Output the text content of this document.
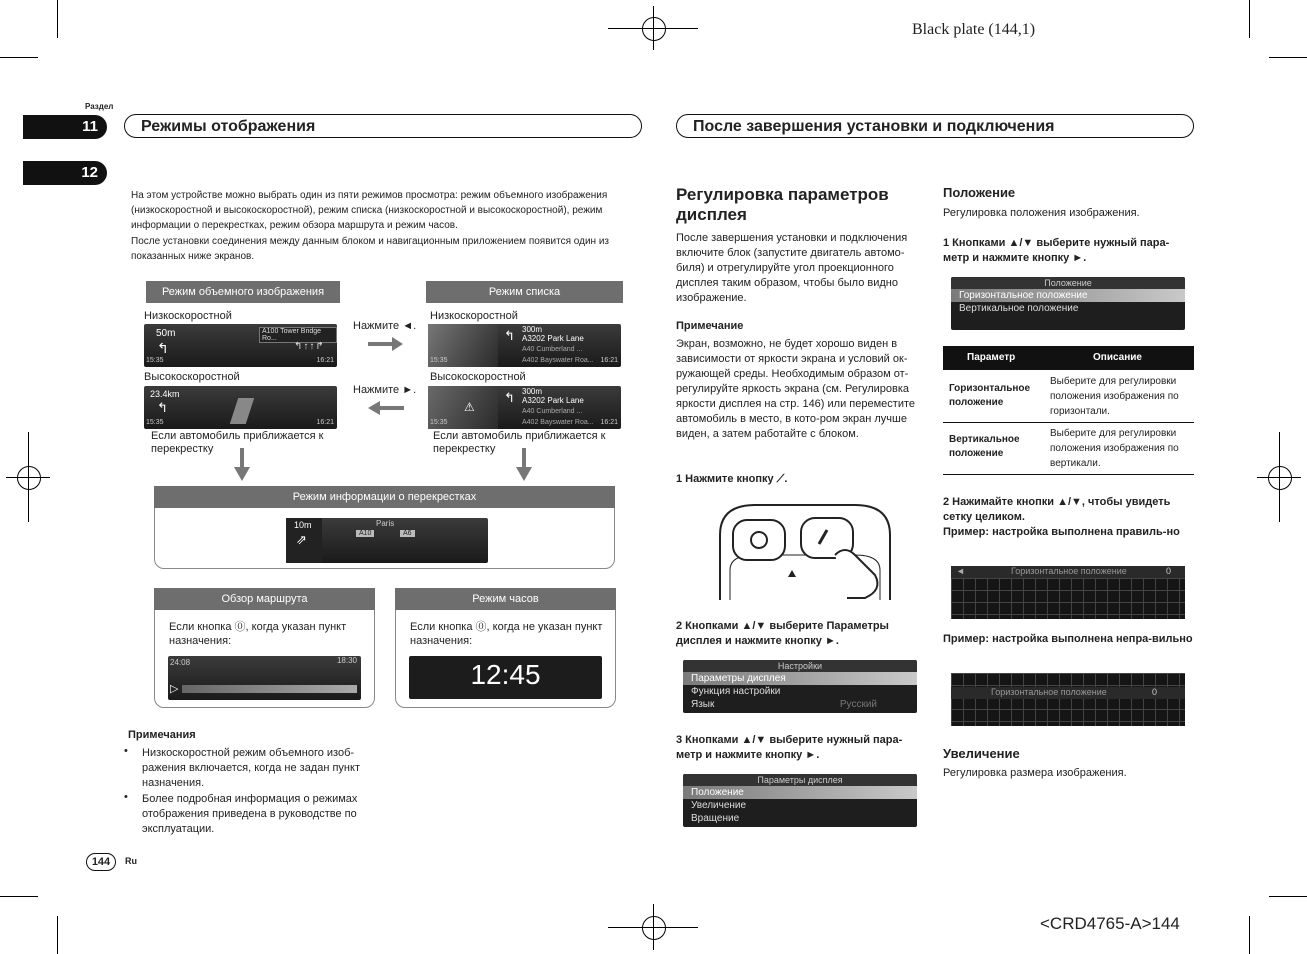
Black plate (144,1)
<CRD4765-A>144
Раздел
11
12
Режимы отображения	После завершения установки и подключения
На этом устройстве можно выбрать один из пяти режимов просмотра: режим объемного изображения (низкоскоростной и высокоскоростной), режим списка (низкоскоростной и высокоскоростной), режим информации о перекрестках, режим обзора маршрута и режим часов.
После установки соединения между данным блоком и навигационным приложением появится один из показанных ниже экранов.
Режим объемного изображения	Режим списка
Низкоскоростной	Низкоскоростной
50m
↰
A100 Tower Bridge Ro...
↰↑↑↱
15:35	16:21
↰ 300m
A3202 Park Lane
A40 Cumberland ...
A402 Bayswater Roa...
15:35	16:21
Нажмите ◄.
Нажмите ►.
Высокоскоростной	Высокоскоростной
23.4km
↰
15:35	16:21
⚠
↰ 300m
A3202 Park Lane
A40 Cumberland ...
A402 Bayswater Roa...
15:35	16:21
Если автомобиль приближается к перекрестку
Если автомобиль приближается к перекрестку
Режим информации о перекрестках
10m
⇗
Paris
A10	A6
Обзор маршрута
Если кнопка ⓪, когда указан пункт назначения:
24:08	18:30
▷
Режим часов
Если кнопка ⓪, когда не указан пункт назначения:
12:45
Примечания
• Низкоскоростной режим объемного изоб-ражения включается, когда не задан пункт назначения.
• Более подробная информация о режимах отображения приведена в руководстве по эксплуатации.
144	Ru
Регулировка параметров дисплея
После завершения установки и подключения включите блок (запустите двигатель автомо-биля) и отрегулируйте угол проекционного дисплея таким образом, чтобы было видно изображение.
Примечание
Экран, возможно, не будет хорошо виден в зависимости от яркости экрана и условий ок-ружающей среды. Необходимым образом от-регулируйте яркость экрана (см. Регулировка яркости дисплея на стр. 146) или переместите автомобиль в место, в кото-ром экран лучше виден, а затем работайте с блоком.
1 Нажмите кнопку ⟋.
2 Кнопками ▲/▼ выберите Параметры дисплея и нажмите кнопку ►.
Настройки
Параметры дисплея
Функция настройки
Язык	Русский
3 Кнопками ▲/▼ выберите нужный пара-метр и нажмите кнопку ►.
Параметры дисплея
Положение
Увеличение
Вращение
Положение
Регулировка положения изображения.
1 Кнопками ▲/▼ выберите нужный пара-метр и нажмите кнопку ►.
Положение
Горизонтальное положение
Вертикальное положение
Параметр	Описание
Горизонтальное положение
Выберите для регулировки положения изображения по горизонтали.
Вертикальное положение
Выберите для регулировки положения изображения по вертикали.
2 Нажимайте кнопки ▲/▼, чтобы увидеть сетку целиком.
Пример: настройка выполнена правиль-но
◄	Горизонтальное положение	0
Пример: настройка выполнена непра-вильно
Горизонтальное положение	0
Увеличение
Регулировка размера изображения.
